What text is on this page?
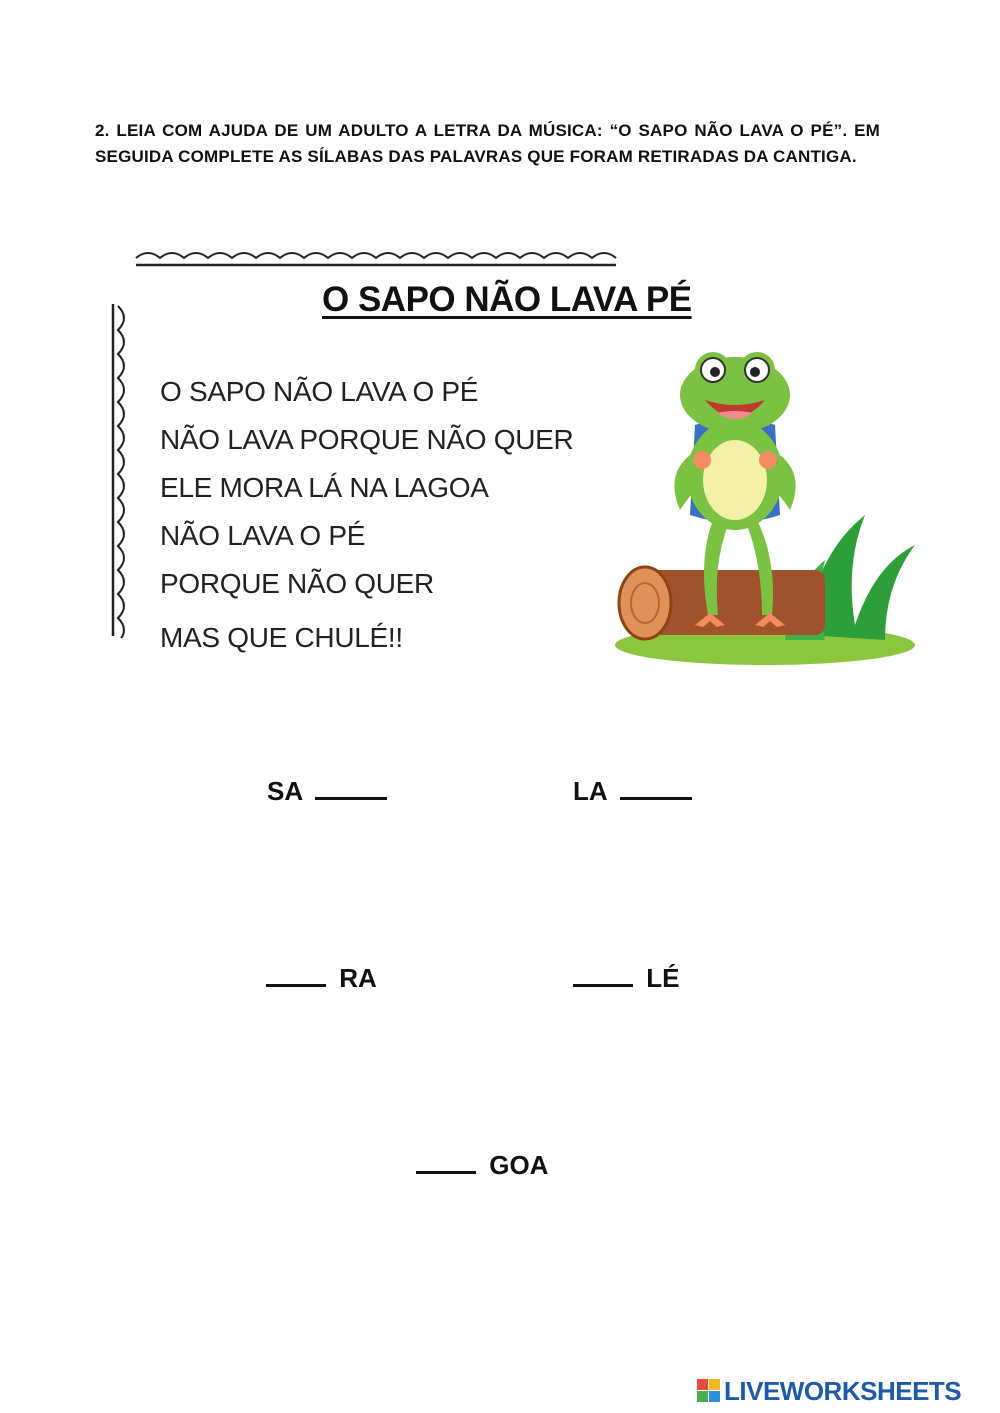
2. LEIA COM AJUDA DE UM ADULTO A LETRA DA MÚSICA: “O SAPO NÃO LAVA O PÉ”. EM SEGUIDA COMPLETE AS SÍLABAS DAS PALAVRAS QUE FORAM RETIRADAS DA CANTIGA.
O SAPO NÃO LAVA PÉ
O SAPO NÃO LAVA O PÉ
NÃO LAVA PORQUE NÃO QUER
ELE MORA LÁ NA LAGOA
NÃO LAVA O PÉ
PORQUE NÃO QUER
MAS QUE CHULÉ!!
SA	LA
RA	LÉ
GOA
LIVEWORKSHEETS
